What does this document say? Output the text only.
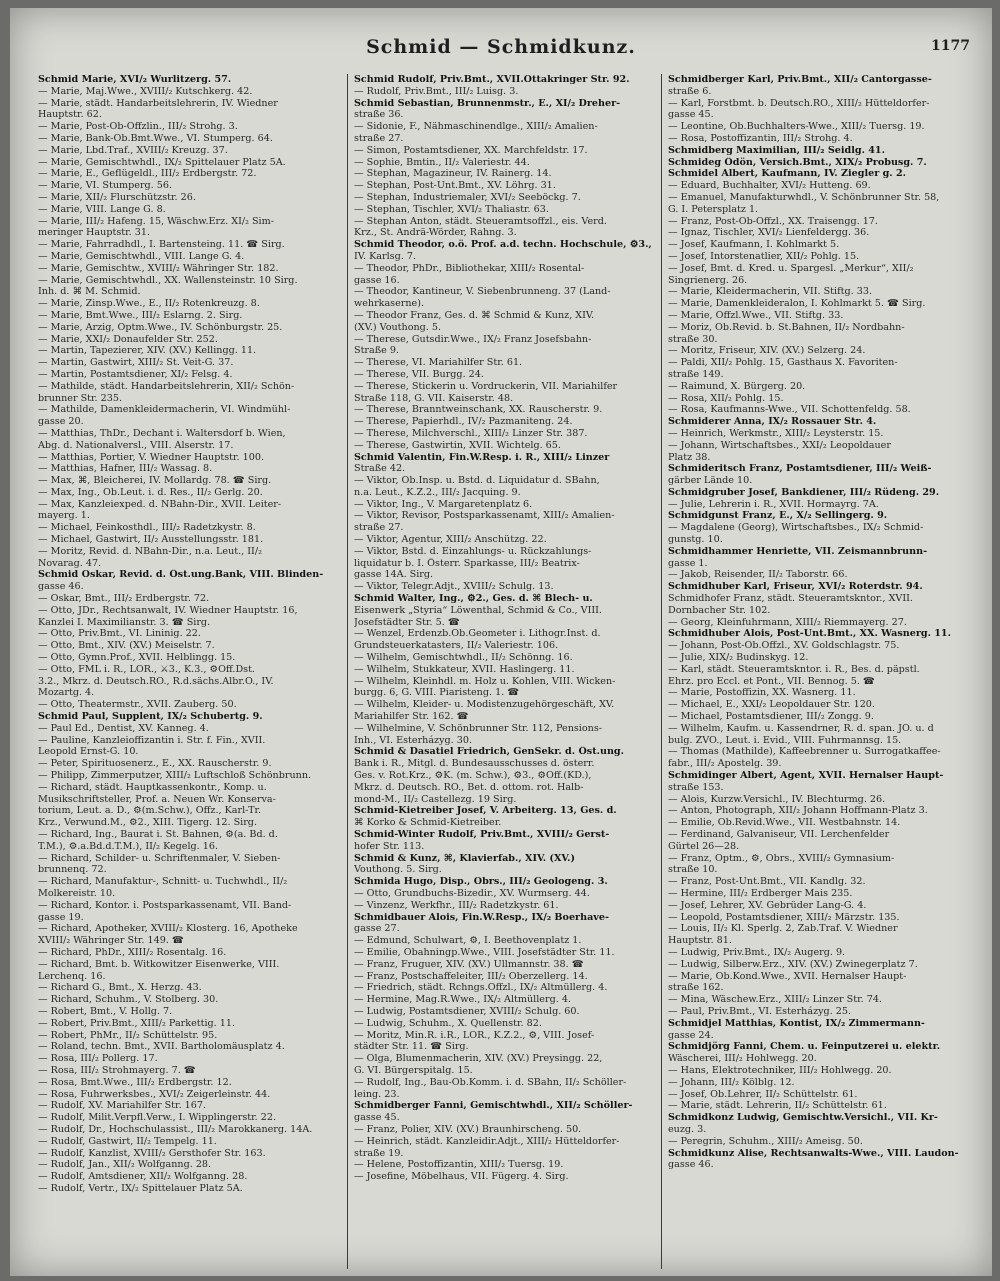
Schmid — Schmidkunz.	1177
Schmid Marie, XVI/₂ Wurlitzerg. 57.
— Marie, Maj.Wwe., XVIII/₂ Kutschkerg. 42.
— Marie, städt. Handarbeitslehrerin, IV. Wiedner
Hauptstr. 62.
— Marie, Post-Ob-Offzlin., III/₂ Strohg. 3.
— Marie, Bank-Ob.Bmt.Wwe., VI. Stumperg. 64.
— Marie, Lbd.Traf., XVIII/₂ Kreuzg. 37.
— Marie, Gemischtwhdl., IX/₂ Spittelauer Platz 5A.
— Marie, E., Geflügeldl., III/₂ Erdbergstr. 72.
— Marie, VI. Stumperg. 56.
— Marie, XII/₂ Flurschützstr. 26.
— Marie, VIII. Lange G. 8.
— Marie, III/₂ Hafeng. 15, Wäschw.Erz. XI/₂ Sim-
meringer Hauptstr. 31.
— Marie, Fahrradhdl., I. Bartensteing. 11. ☎ Sirg.
— Marie, Gemischtwhdl., VIII. Lange G. 4.
— Marie, Gemischtw., XVIII/₂ Währinger Str. 182.
— Marie, Gemischtwhdl., XX. Wallensteinstr. 10 Sirg.
Inh. d. ⌘ M. Schmid.
— Marie, Zinsp.Wwe., E., II/₂ Rotenkreuzg. 8.
— Marie, Bmt.Wwe., III/₂ Eslarng. 2. Sirg.
— Marie, Arzig, Optm.Wwe., IV. Schönburgstr. 25.
— Marie, XXI/₂ Donaufelder Str. 252.
— Martin, Tapezierer, XIV. (XV.) Kellingg. 11.
— Martin, Gastwirt, XIII/₂ St. Veit-G. 37.
— Martin, Postamtsdiener, XI/₂ Felsg. 4.
— Mathilde, städt. Handarbeitslehrerin, XII/₂ Schön-
brunner Str. 235.
— Mathilde, Damenkleidermacherin, VI. Windmühl-
gasse 20.
— Matthias, ThDr., Dechant i. Waltersdorf b. Wien,
Abg. d. Nationalversl., VIII. Alserstr. 17.
— Matthias, Portier, V. Wiedner Hauptstr. 100.
— Matthias, Hafner, III/₂ Wassag. 8.
— Max, ⌘, Bleicherei, IV. Mollardg. 78. ☎ Sirg.
— Max, Ing., Ob.Leut. i. d. Res., II/₂ Gerlg. 20.
— Max, Kanzleiexped. d. NBahn-Dir., XVII. Leiter-
mayerg. 1.
— Michael, Feinkosthdl., III/₂ Radetzkystr. 8.
— Michael, Gastwirt, II/₂ Ausstellungsstr. 181.
— Moritz, Revid. d. NBahn-Dir., n.a. Leut., II/₂
Novarag. 47.
Schmid Oskar, Revid. d. Öst.ung.Bank, VIII. Blinden-
gasse 46.
— Oskar, Bmt., III/₂ Erdbergstr. 72.
— Otto, JDr., Rechtsanwalt, IV. Wiedner Hauptstr. 16,
Kanzlei I. Maximilianstr. 3. ☎ Sirg.
— Otto, Priv.Bmt., VI. Lininig. 22.
— Otto, Bmt., XIV. (XV.) Meiselstr. 7.
— Otto, Gymn.Prof., XVII. Helblingg. 15.
— Otto, FML i. R., LOR., ⚔3., K.3., ⚙Off.Dst.
3.2., Mkrz. d. Deutsch.RO., R.d.sächs.Albr.O., IV.
Mozartg. 4.
— Otto, Theatermstr., XVII. Zauberg. 50.
Schmid Paul, Supplent, IX/₂ Schubertg. 9.
— Paul Ed., Dentist, XV. Kanneg. 4.
— Pauline, Kanzleioffizantin i. Str. f. Fin., XVII.
Leopold Ernst-G. 10.
— Peter, Spirituosenerz., E., XX. Rauscherstr. 9.
— Philipp, Zimmerputzer, XIII/₂ Luftschloß Schönbrunn.
— Richard, städt. Hauptkassenkontr., Komp. u.
Musikschriftsteller, Prof. a. Neuen Wr. Konserva-
torium, Leut. a. D., ⚙(m.Schw.), Offz., Karl-Tr.
Krz., Verwund.M., ⚙2., XIII. Tigerg. 12. Sirg.
— Richard, Ing., Baurat i. St. Bahnen, ⚙(a. Bd. d.
T.M.), ⚙.a.Bd.d.T.M.), II/₂ Kegelg. 16.
— Richard, Schilder- u. Schriftenmaler, V. Sieben-
brunnenq. 72.
— Richard, Manufaktur-, Schnitt- u. Tuchwhdl., II/₂
Molkereistr. 10.
— Richard, Kontor. i. Postsparkassenamt, VII. Band-
gasse 19.
— Richard, Apotheker, XVIII/₂ Klosterg. 16, Apotheke
XVIII/₂ Währinger Str. 149. ☎
— Richard, PhDr., XIII/₂ Rosentalg. 16.
— Richard, Bmt. b. Witkowitzer Eisenwerke, VIII.
Lerchenq. 16.
— Richard G., Bmt., X. Herzg. 43.
— Richard, Schuhm., V. Stolberg. 30.
— Robert, Bmt., V. Hollg. 7.
— Robert, Priv.Bmt., XIII/₂ Parkettig. 11.
— Robert, PhMr., II/₂ Schüttelstr. 95.
— Roland, techn. Bmt., XVII. Bartholomäusplatz 4.
— Rosa, III/₂ Pollerg. 17.
— Rosa, III/₂ Strohmayerg. 7. ☎
— Rosa, Bmt.Wwe., III/₂ Erdbergstr. 12.
— Rosa, Fuhrwerksbes., XVI/₂ Zeigerleinstr. 44.
— Rudolf, XV. Mariahilfer Str. 167.
— Rudolf, Milit.Verpfl.Verw., I. Wipplingerstr. 22.
— Rudolf, Dr., Hochschulassist., III/₂ Marokkanerg. 14A.
— Rudolf, Gastwirt, II/₂ Tempelg. 11.
— Rudolf, Kanzlist, XVIII/₂ Gersthofer Str. 163.
— Rudolf, Jan., XII/₂ Wolfganng. 28.
— Rudolf, Amtsdiener, XII/₂ Wolfganng. 28.
— Rudolf, Vertr., IX/₂ Spittelauer Platz 5A.
Schmid Rudolf, Priv.Bmt., XVII.Ottakringer Str. 92.
— Rudolf, Priv.Bmt., III/₂ Luisg. 3.
Schmid Sebastian, Brunnenmstr., E., XI/₂ Dreher-
straße 36.
— Sidonie, F., Nähmaschinendlge., XIII/₂ Amalien-
straße 27.
— Simon, Postamtsdiener, XX. Marchfeldstr. 17.
— Sophie, Bmtin., II/₂ Valeriestr. 44.
— Stephan, Magazineur, IV. Rainerg. 14.
— Stephan, Post-Unt.Bmt., XV. Löhrg. 31.
— Stephan, Industriemaler, XVI/₂ Seeböckg. 7.
— Stephan, Tischler, XVI/₂ Thaliastr. 63.
— Stephan Anton, städt. Steueramtsoffzl., eis. Verd.
Krz., St. Andrä-Wörder, Rahng. 3.
Schmid Theodor, o.ö. Prof. a.d. techn. Hochschule, ⚙3.,
IV. Karlsg. 7.
— Theodor, PhDr., Bibliothekar, XIII/₂ Rosental-
gasse 16.
— Theodor, Kantineur, V. Siebenbrunneng. 37 (Land-
wehrkaserne).
— Theodor Franz, Ges. d. ⌘ Schmid & Kunz, XIV.
(XV.) Vouthong. 5.
— Therese, Gutsdir.Wwe., IX/₂ Franz Josefsbahn-
Straße 9.
— Therese, VI. Mariahilfer Str. 61.
— Therese, VII. Burgg. 24.
— Therese, Stickerin u. Vordruckerin, VII. Mariahilfer
Straße 118, G. VII. Kaiserstr. 48.
— Therese, Branntweinschank, XX. Rauscherstr. 9.
— Therese, Papierhdl., IV/₂ Pazmaniteng. 24.
— Therese, Milchverschl., XIII/₂ Linzer Str. 387.
— Therese, Gastwirtin, XVII. Wichtelg. 65.
Schmid Valentin, Fin.W.Resp. i. R., XIII/₂ Linzer
Straße 42.
— Viktor, Ob.Insp. u. Bstd. d. Liquidatur d. SBahn,
n.a. Leut., K.Z.2., III/₂ Jacquing. 9.
— Viktor, Ing., V. Margaretenplatz 6.
— Viktor, Revisor, Postsparkassenamt, XIII/₂ Amalien-
straße 27.
— Viktor, Agentur, XIII/₂ Anschützg. 22.
— Viktor, Bstd. d. Einzahlungs- u. Rückzahlungs-
liquidatur b. I. Österr. Sparkasse, III/₂ Beatrix-
gasse 14A. Sirg.
— Viktor, Telegr.Adjt., XVIII/₂ Schulg. 13.
Schmid Walter, Ing., ⚙2., Ges. d. ⌘ Blech- u.
Eisenwerk „Styria“ Löwenthal, Schmid & Co., VIII.
Josefstädter Str. 5. ☎
— Wenzel, Erdenzb.Ob.Geometer i. Lithogr.Inst. d.
Grundsteuerkatasters, II/₂ Valeriestr. 106.
— Wilhelm, Gemischtwhdl., II/₂ Schönng. 16.
— Wilhelm, Stukkateur, XVII. Haslingerg. 11.
— Wilhelm, Kleinhdl. m. Holz u. Kohlen, VIII. Wicken-
burgg. 6, G. VIII. Piaristeng. 1. ☎
— Wilhelm, Kleider- u. Modistenzugehörgeschäft, XV.
Mariahilfer Str. 162. ☎
— Wilhelmine, V. Schönbrunner Str. 112, Pensions-
Inh., VI. Esterházyg. 30.
Schmid & Dasatiel Friedrich, GenSekr. d. Öst.ung.
Bank i. R., Mitgl. d. Bundesausschusses d. österr.
Ges. v. Rot.Krz., ⚙K. (m. Schw.), ⚙3., ⚙Off.(KD.),
Mkrz. d. Deutsch. RO., Bet. d. ottom. rot. Halb-
mond-M., II/₂ Castellezg. 19 Sirg.
Schmid-Kietreiber Josef, V. Arbeiterg. 13, Ges. d.
⌘ Korko & Schmid-Kietreiber.
Schmid-Winter Rudolf, Priv.Bmt., XVIII/₂ Gerst-
hofer Str. 113.
Schmid & Kunz, ⌘, Klavierfab., XIV. (XV.)
Vouthong. 5. Sirg.
Schmida Hugo, Disp., Obrs., III/₂ Geologeng. 3.
— Otto, Grundbuchs-Bizedir., XV. Wurmserg. 44.
— Vinzenz, Werkfhr., III/₂ Radetzkystr. 61.
Schmidbauer Alois, Fin.W.Resp., IX/₂ Boerhave-
gasse 27.
— Edmund, Schulwart, ⚙, I. Beethovenplatz 1.
— Emilie, Obahningp.Wwe., VIII. Josefstädter Str. 11.
— Franz, Fruguer, XIV. (XV.) Ullmannstr. 38. ☎
— Franz, Postschaffeleiter, III/₂ Oberzellerg. 14.
— Friedrich, städt. Rchngs.Offzl., IX/₂ Altmüllerg. 4.
— Hermine, Mag.R.Wwe., IX/₂ Altmüllerg. 4.
— Ludwig, Postamtsdiener, XVIII/₂ Schulg. 60.
— Ludwig, Schuhm., X. Quellenstr. 82.
— Moritz, Min.R. i.R., LOR., K.Z.2., ⚙, VIII. Josef-
städter Str. 11. ☎ Sirg.
— Olga, Blumenmacherin, XIV. (XV.) Preysingg. 22,
G. VI. Bürgerspitalg. 15.
— Rudolf, Ing., Bau-Ob.Komm. i. d. SBahn, II/₂ Schöller-
leing. 23.
Schmidberger Fanni, Gemischtwhdl., XII/₂ Schöller-
gasse 45.
— Franz, Polier, XIV. (XV.) Braunhirscheng. 50.
— Heinrich, städt. Kanzleidir.Adjt., XIII/₂ Hütteldorfer-
straße 19.
— Helene, Postoffizantin, XIII/₂ Tuersg. 19.
— Josefine, Möbelhaus, VII. Fügerg. 4. Sirg.
Schmidberger Karl, Priv.Bmt., XII/₂ Cantorgasse-
straße 6.
— Karl, Forstbmt. b. Deutsch.RO., XIII/₂ Hütteldorfer-
gasse 45.
— Leontine, Ob.Buchhalters-Wwe., XIII/₂ Tuersg. 19.
— Rosa, Postoffizantin, III/₂ Strohg. 4.
Schmidberg Maximilian, III/₂ Seidlg. 41.
Schmideg Ödön, Versich.Bmt., XIX/₂ Probusg. 7.
Schmidel Albert, Kaufmann, IV. Ziegler g. 2.
— Eduard, Buchhalter, XVI/₂ Hutteng. 69.
— Emanuel, Manufakturwhdl., V. Schönbrunner Str. 58,
G. I. Petersplatz 1.
— Franz, Post-Ob-Offzl., XX. Traisengg. 17.
— Ignaz, Tischler, XVI/₂ Lienfeldergg. 36.
— Josef, Kaufmann, I. Kohlmarkt 5.
— Josef, Intorstenatlier, XII/₂ Pohlg. 15.
— Josef, Bmt. d. Kred. u. Spargesl. „Merkur“, XII/₂
Singrienerg. 26.
— Marie, Kleidermacherin, VII. Stiftg. 33.
— Marie, Damenkleideralon, I. Kohlmarkt 5. ☎ Sirg.
— Marie, Offzl.Wwe., VII. Stiftg. 33.
— Moriz, Ob.Revid. b. St.Bahnen, II/₂ Nordbahn-
straße 30.
— Moritz, Friseur, XIV. (XV.) Selzerg. 24.
— Paldi, XII/₂ Pohlg. 15, Gasthaus X. Favoriten-
straße 149.
— Raimund, X. Bürgerg. 20.
— Rosa, XII/₂ Pohlg. 15.
— Rosa, Kaufmanns-Wwe., VII. Schottenfeldg. 58.
Schmiderer Anna, IX/₂ Rossauer Str. 4.
— Heinrich, Werkmstr., XIII/₂ Leysterstr. 15.
— Johann, Wirtschaftsbes., XXI/₂ Leopoldauer
Platz 38.
Schmideritsch Franz, Postamtsdiener, III/₂ Weiß-
gärber Lände 10.
Schmidgruber Josef, Bankdiener, III/₂ Rüdeng. 29.
— Julie, Lehrerin i. R., XVII. Hormayrg. 7A.
Schmidgunst Franz, E., X/₂ Sellingerg. 9.
— Magdalene (Georg), Wirtschaftsbes., IX/₂ Schmid-
gunstg. 10.
Schmidhammer Henriette, VII. Zeismannbrunn-
gasse 1.
— Jakob, Reisender, II/₂ Taborstr. 66.
Schmidhuber Karl, Friseur, XVI/₂ Roterdstr. 94.
Schmidhofer Franz, städt. Steueramtskntor., XVII.
Dornbacher Str. 102.
— Georg, Kleinfuhrmann, XIII/₂ Riemmayerg. 27.
Schmidhuber Alois, Post-Unt.Bmt., XX. Wasnerg. 11.
— Johann, Post-Ob.Offzl., XV. Goldschlagstr. 75.
— Julie, XIX/₂ Budinskyg. 12.
— Karl, städt. Steueramtskntor. i. R., Bes. d. päpstl.
Ehrz. pro Eccl. et Pont., VII. Bennog. 5. ☎
— Marie, Postoffizin, XX. Wasnerg. 11.
— Michael, E., XXI/₂ Leopoldauer Str. 120.
— Michael, Postamtsdiener, III/₂ Zongg. 9.
— Wilhelm, Kaufm. u. Kassendrner, R. d. span. JO. u. d
bulg. ZVO., Leut. i. Evid., VIII. Fuhrmannsg. 15.
— Thomas (Mathilde), Kaffeebrenner u. Surrogatkaffee-
fabr., III/₂ Apostelg. 39.
Schmidinger Albert, Agent, XVII. Hernalser Haupt-
straße 153.
— Alois, Kurzw.Versichl., IV. Blechturmg. 26.
— Anton, Photograph, XII/₂ Johann Hoffmann-Platz 3.
— Emilie, Ob.Revid.Wwe., VII. Westbahnstr. 14.
— Ferdinand, Galvaniseur, VII. Lerchenfelder
Gürtel 26—28.
— Franz, Optm., ⚙, Obrs., XVIII/₂ Gymnasium-
straße 10.
— Franz, Post-Unt.Bmt., VII. Kandlg. 32.
— Hermine, III/₂ Erdberger Mais 235.
— Josef, Lehrer, XV. Gebrüder Lang-G. 4.
— Leopold, Postamtsdiener, XIII/₂ Märzstr. 135.
— Louis, II/₂ Kl. Sperlg. 2, Zab.Traf. V. Wiedner
Hauptstr. 81.
— Ludwig, Priv.Bmt., IX/₂ Augerg. 9.
— Ludwig, Silberw.Erz., XIV. (XV.) Zwinegerplatz 7.
— Marie, Ob.Kond.Wwe., XVII. Hernalser Haupt-
straße 162.
— Mina, Wäschew.Erz., XIII/₂ Linzer Str. 74.
— Paul, Priv.Bmt., VI. Esterházyg. 25.
Schmidjel Matthias, Kontist, IX/₂ Zimmermann-
gasse 24.
Schmidjörg Fanni, Chem. u. Feinputzerei u. elektr.
Wäscherei, III/₂ Hohlwegg. 20.
— Hans, Elektrotechniker, III/₂ Hohlwegg. 20.
— Johann, III/₂ Kölblg. 12.
— Josef, Ob.Lehrer, II/₂ Schüttelstr. 61.
— Marie, städt. Lehrerin, II/₂ Schüttelstr. 61.
Schmidkonz Ludwig, Gemischtw.Versichl., VII. Kr-
euzg. 3.
— Peregrin, Schuhm., XIII/₂ Ameisg. 50.
Schmidkunz Alise, Rechtsanwalts-Wwe., VIII. Laudon-
gasse 46.
